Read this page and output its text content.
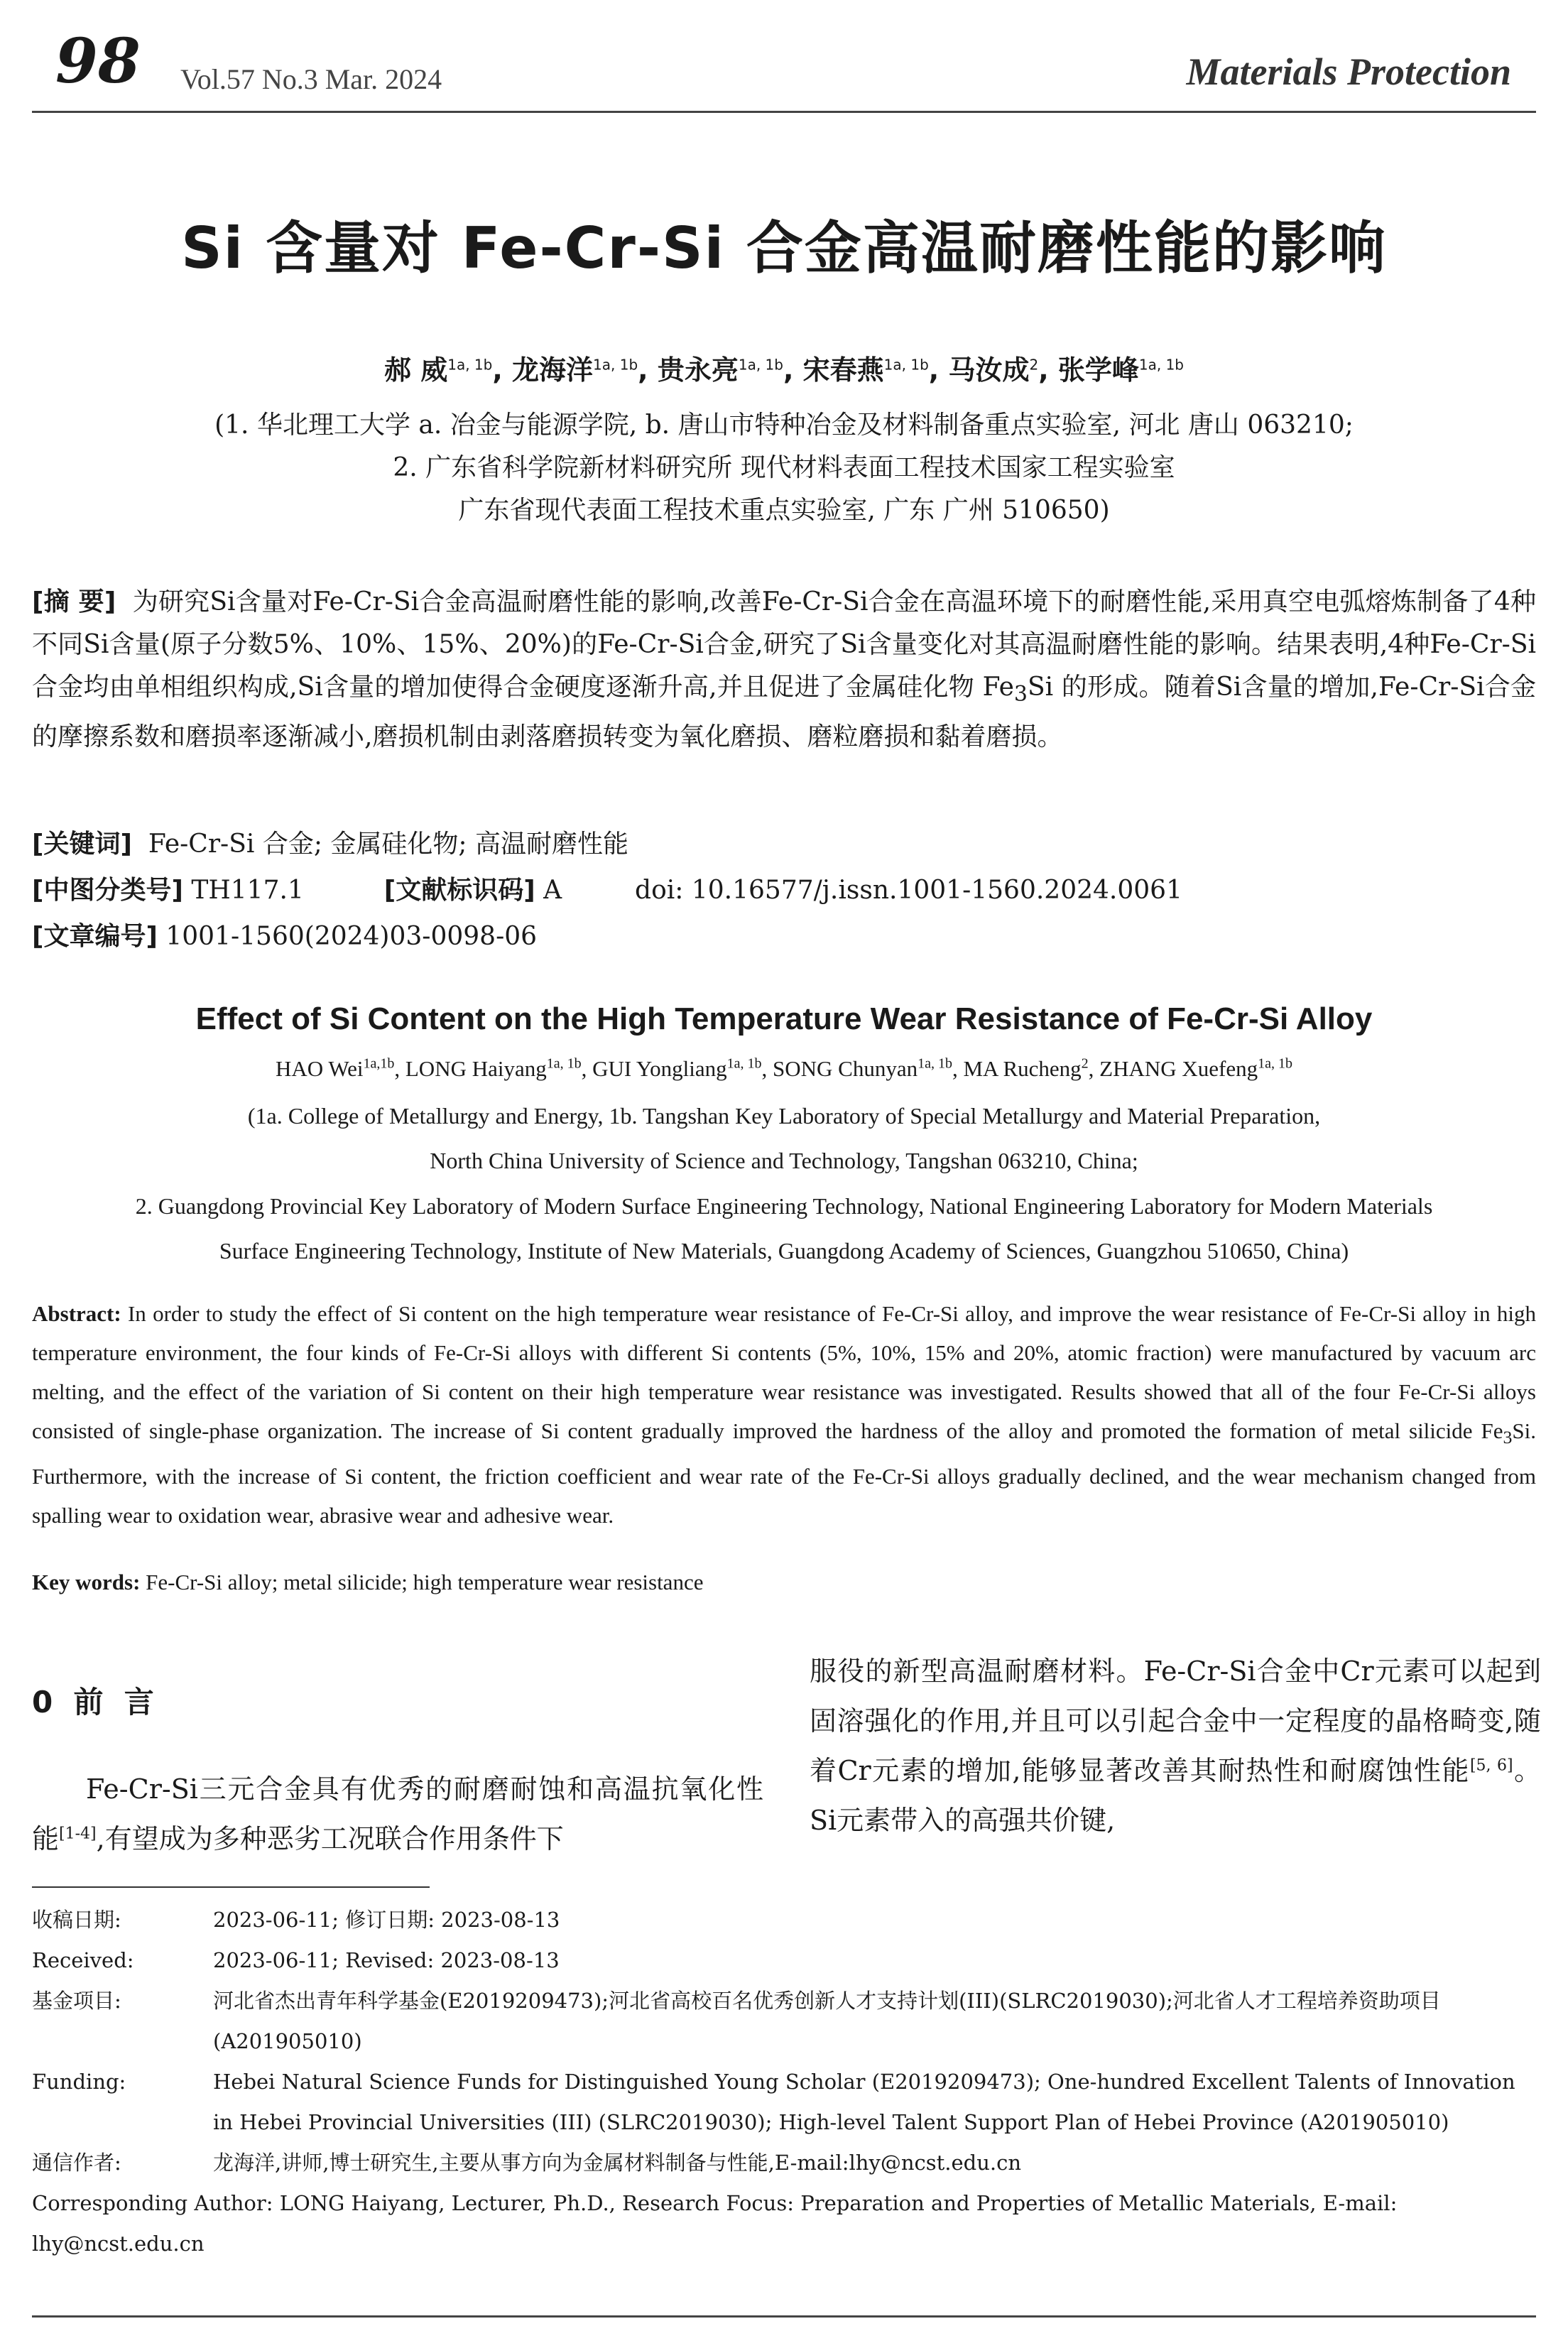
98 Vol.57 No.3 Mar. 2024	Materials Protection
Si 含量对 Fe-Cr-Si 合金高温耐磨性能的影响
郝 威$^{1a, 1b}$, 龙海洋$^{1a, 1b}$, 贵永亮$^{1a, 1b}$, 宋春燕$^{1a, 1b}$, 马汝成$^2$, 张学峰$^{1a, 1b}$
(1. 华北理工大学 a. 冶金与能源学院, b. 唐山市特种冶金及材料制备重点实验室, 河北 唐山 063210;
2. 广东省科学院新材料研究所 现代材料表面工程技术国家工程实验室
广东省现代表面工程技术重点实验室, 广东 广州 510650)
[摘 要] 为研究Si含量对Fe-Cr-Si合金高温耐磨性能的影响,改善Fe-Cr-Si合金在高温环境下的耐磨性能,采用真空电弧熔炼制备了4种不同Si含量(原子分数5%、10%、15%、20%)的Fe-Cr-Si合金,研究了Si含量变化对其高温耐磨性能的影响。结果表明,4种Fe-Cr-Si合金均由单相组织构成,Si含量的增加使得合金硬度逐渐升高,并且促进了金属硅化物 $Fe_3Si$ 的形成。随着Si含量的增加,Fe-Cr-Si合金的摩擦系数和磨损率逐渐减小,磨损机制由剥落磨损转变为氧化磨损、磨粒磨损和黏着磨损。
[关键词] Fe-Cr-Si 合金; 金属硅化物; 高温耐磨性能
[中图分类号] TH117.1	[文献标识码] A	doi: 10.16577/j.issn.1001-1560.2024.0061
[文章编号] 1001-1560(2024)03-0098-06
Effect of Si Content on the High Temperature Wear Resistance of Fe-Cr-Si Alloy
HAO Wei$^{1a,1b}$, LONG Haiyang$^{1a, 1b}$, GUI Yongliang$^{1a, 1b}$, SONG Chunyan$^{1a, 1b}$, MA Rucheng$^2$, ZHANG Xuefeng$^{1a, 1b}$
(1a. College of Metallurgy and Energy, 1b. Tangshan Key Laboratory of Special Metallurgy and Material Preparation,
North China University of Science and Technology, Tangshan 063210, China;
2. Guangdong Provincial Key Laboratory of Modern Surface Engineering Technology, National Engineering Laboratory for Modern Materials
Surface Engineering Technology, Institute of New Materials, Guangdong Academy of Sciences, Guangzhou 510650, China)
Abstract: In order to study the effect of Si content on the high temperature wear resistance of Fe-Cr-Si alloy, and improve the wear resistance of Fe-Cr-Si alloy in high temperature environment, the four kinds of Fe-Cr-Si alloys with different Si contents (5%, 10%, 15% and 20%, atomic fraction) were manufactured by vacuum arc melting, and the effect of the variation of Si content on their high temperature wear resistance was investigated. Results showed that all of the four Fe-Cr-Si alloys consisted of single-phase organization. The increase of Si content gradually improved the hardness of the alloy and promoted the formation of metal silicide $Fe_3Si$. Furthermore, with the increase of Si content, the friction coefficient and wear rate of the Fe-Cr-Si alloys gradually declined, and the wear mechanism changed from spalling wear to oxidation wear, abrasive wear and adhesive wear.
Key words: Fe-Cr-Si alloy; metal silicide; high temperature wear resistance
0  前  言
Fe-Cr-Si三元合金具有优秀的耐磨耐蚀和高温抗氧化性能[1-4],有望成为多种恶劣工况联合作用条件下
服役的新型高温耐磨材料。Fe-Cr-Si合金中Cr元素可以起到固溶强化的作用,并且可以引起合金中一定程度的晶格畸变,随着Cr元素的增加,能够显著改善其耐热性和耐腐蚀性能[5, 6]。Si元素带入的高强共价键,
收稿日期:	2023-06-11; 修订日期: 2023-08-13
Received:	2023-06-11; Revised: 2023-08-13
基金项目:	河北省杰出青年科学基金(E2019209473);河北省高校百名优秀创新人才支持计划(III)(SLRC2019030);河北省人才工程培养资助项目(A201905010)
Funding:	Hebei Natural Science Funds for Distinguished Young Scholar (E2019209473); One-hundred Excellent Talents of Innovation in Hebei Provincial Universities (III) (SLRC2019030); High-level Talent Support Plan of Hebei Province (A201905010)
通信作者:	龙海洋,讲师,博士研究生,主要从事方向为金属材料制备与性能,E-mail:lhy@ncst.edu.cn
Corresponding Author: LONG Haiyang, Lecturer, Ph.D., Research Focus: Preparation and Properties of Metallic Materials, E-mail: lhy@ncst.edu.cn
